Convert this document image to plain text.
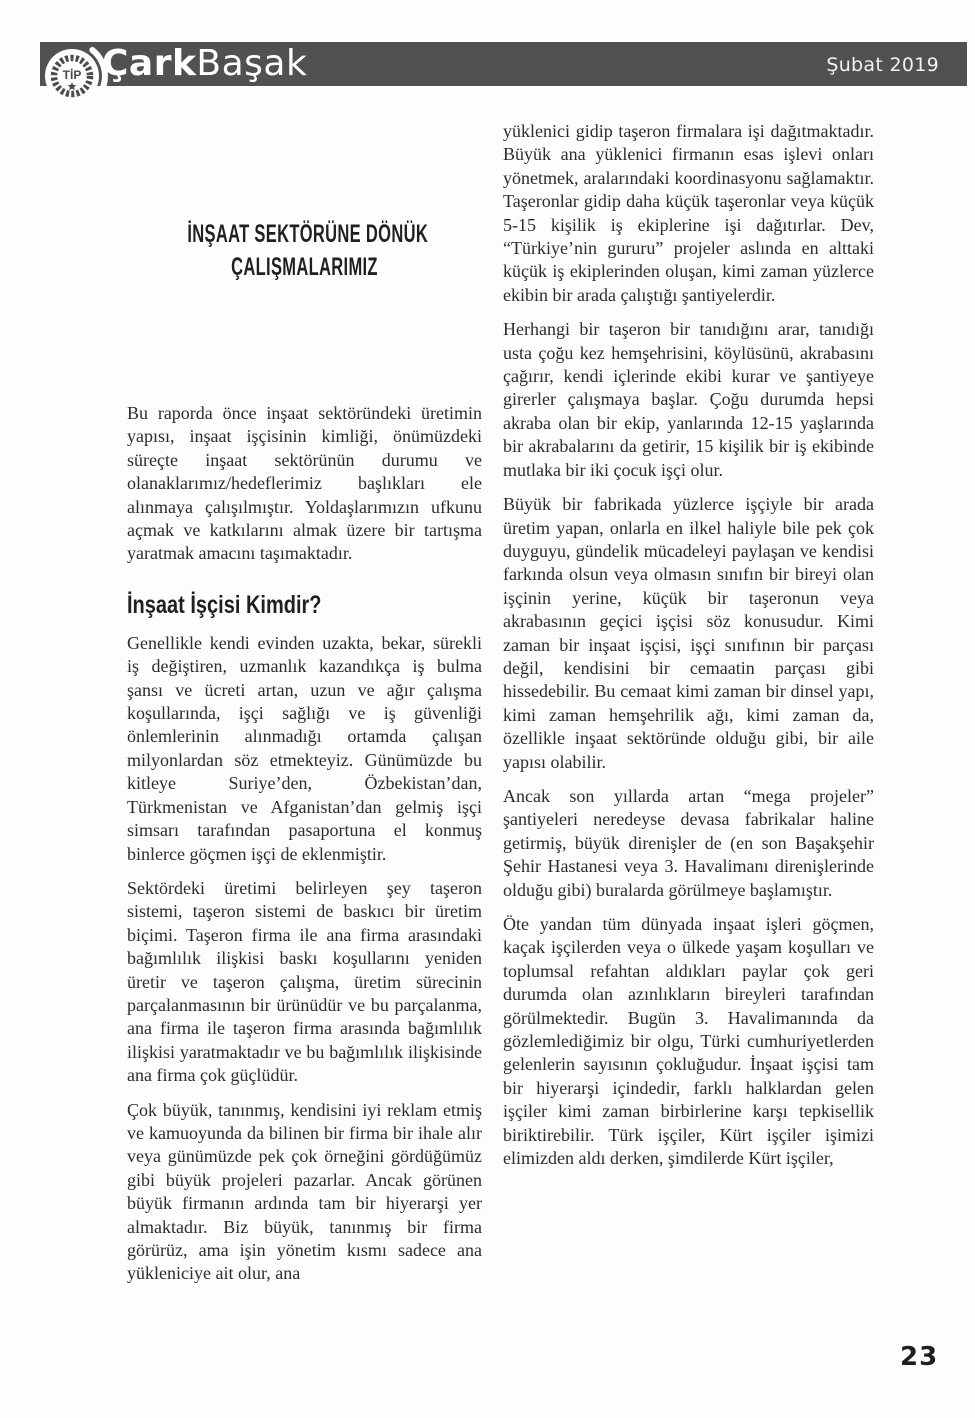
TİP ÇarkBaşak	Şubat 2019
İNŞAAT SEKTÖRÜNE DÖNÜK
ÇALIŞMALARIMIZ

Bu raporda önce inşaat sektöründeki üretimin yapısı, inşaat işçisinin kimliği, önümüzdeki süreçte inşaat sektörünün durumu ve olanaklarımız/hedeflerimiz başlıkları ele alınmaya çalışılmıştır. Yoldaşlarımızın ufkunu açmak ve katkılarını almak üzere bir tartışma yaratmak amacını taşımaktadır.

İnşaat İşçisi Kimdir?

Genellikle kendi evinden uzakta, bekar, sürekli iş değiştiren, uzmanlık kazandıkça iş bulma şansı ve ücreti artan, uzun ve ağır çalışma koşullarında, işçi sağlığı ve iş güvenliği önlemlerinin alınmadığı ortamda çalışan milyonlardan söz etmekteyiz. Günümüzde bu kitleye Suriye’den, Özbekistan’dan, Türkmenistan ve Afganistan’dan gelmiş işçi simsarı tarafından pasaportuna el konmuş binlerce göçmen işçi de eklenmiştir.

Sektördeki üretimi belirleyen şey taşeron sistemi, taşeron sistemi de baskıcı bir üretim biçimi. Taşeron firma ile ana firma arasındaki bağımlılık ilişkisi baskı koşullarını yeniden üretir ve taşeron çalışma, üretim sürecinin parçalanmasının bir ürünüdür ve bu parçalanma, ana firma ile taşeron firma arasında bağımlılık ilişkisi yaratmaktadır ve bu bağımlılık ilişkisinde ana firma çok güçlüdür.

Çok büyük, tanınmış, kendisini iyi reklam etmiş ve kamuoyunda da bilinen bir firma bir ihale alır veya günümüzde pek çok örneğini gördüğümüz gibi büyük projeleri pazarlar. Ancak görünen büyük firmanın ardında tam bir hiyerarşi yer almaktadır. Biz büyük, tanınmış bir firma görürüz, ama işin yönetim kısmı sadece ana yükleniciye ait olur, ana

yüklenici gidip taşeron firmalara işi dağıtmaktadır. Büyük ana yüklenici firmanın esas işlevi onları yönetmek, aralarındaki koordinasyonu sağlamaktır. Taşeronlar gidip daha küçük taşeronlar veya küçük 5-15 kişilik iş ekiplerine işi dağıtırlar. Dev, “Türkiye’nin gururu” projeler aslında en alttaki küçük iş ekiplerinden oluşan, kimi zaman yüzlerce ekibin bir arada çalıştığı şantiyelerdir.

Herhangi bir taşeron bir tanıdığını arar, tanıdığı usta çoğu kez hemşehrisini, köylüsünü, akrabasını çağırır, kendi içlerinde ekibi kurar ve şantiyeye girerler çalışmaya başlar. Çoğu durumda hepsi akraba olan bir ekip, yanlarında 12-15 yaşlarında bir akrabalarını da getirir, 15 kişilik bir iş ekibinde mutlaka bir iki çocuk işçi olur.

Büyük bir fabrikada yüzlerce işçiyle bir arada üretim yapan, onlarla en ilkel haliyle bile pek çok duyguyu, gündelik mücadeleyi paylaşan ve kendisi farkında olsun veya olmasın sınıfın bir bireyi olan işçinin yerine, küçük bir taşeronun veya akrabasının geçici işçisi söz konusudur. Kimi zaman bir inşaat işçisi, işçi sınıfının bir parçası değil, kendisini bir cemaatin parçası gibi hissedebilir. Bu cemaat kimi zaman bir dinsel yapı, kimi zaman hemşehrilik ağı, kimi zaman da, özellikle inşaat sektöründe olduğu gibi, bir aile yapısı olabilir.

Ancak son yıllarda artan “mega projeler” şantiyeleri neredeyse devasa fabrikalar haline getirmiş, büyük direnişler de (en son Başakşehir Şehir Hastanesi veya 3. Havalimanı direnişlerinde olduğu gibi) buralarda görülmeye başlamıştır.

Öte yandan tüm dünyada inşaat işleri göçmen, kaçak işçilerden veya o ülkede yaşam koşulları ve toplumsal refahtan aldıkları paylar çok geri durumda olan azınlıkların bireyleri tarafından görülmektedir. Bugün 3. Havalimanında da gözlemlediğimiz bir olgu, Türki cumhuriyetlerden gelenlerin sayısının çokluğudur. İnşaat işçisi tam bir hiyerarşi içindedir, farklı halklardan gelen işçiler kimi zaman birbirlerine karşı tepkisellik biriktirebilir. Türk işçiler, Kürt işçiler işimizi elimizden aldı derken, şimdilerde Kürt işçiler,

23
